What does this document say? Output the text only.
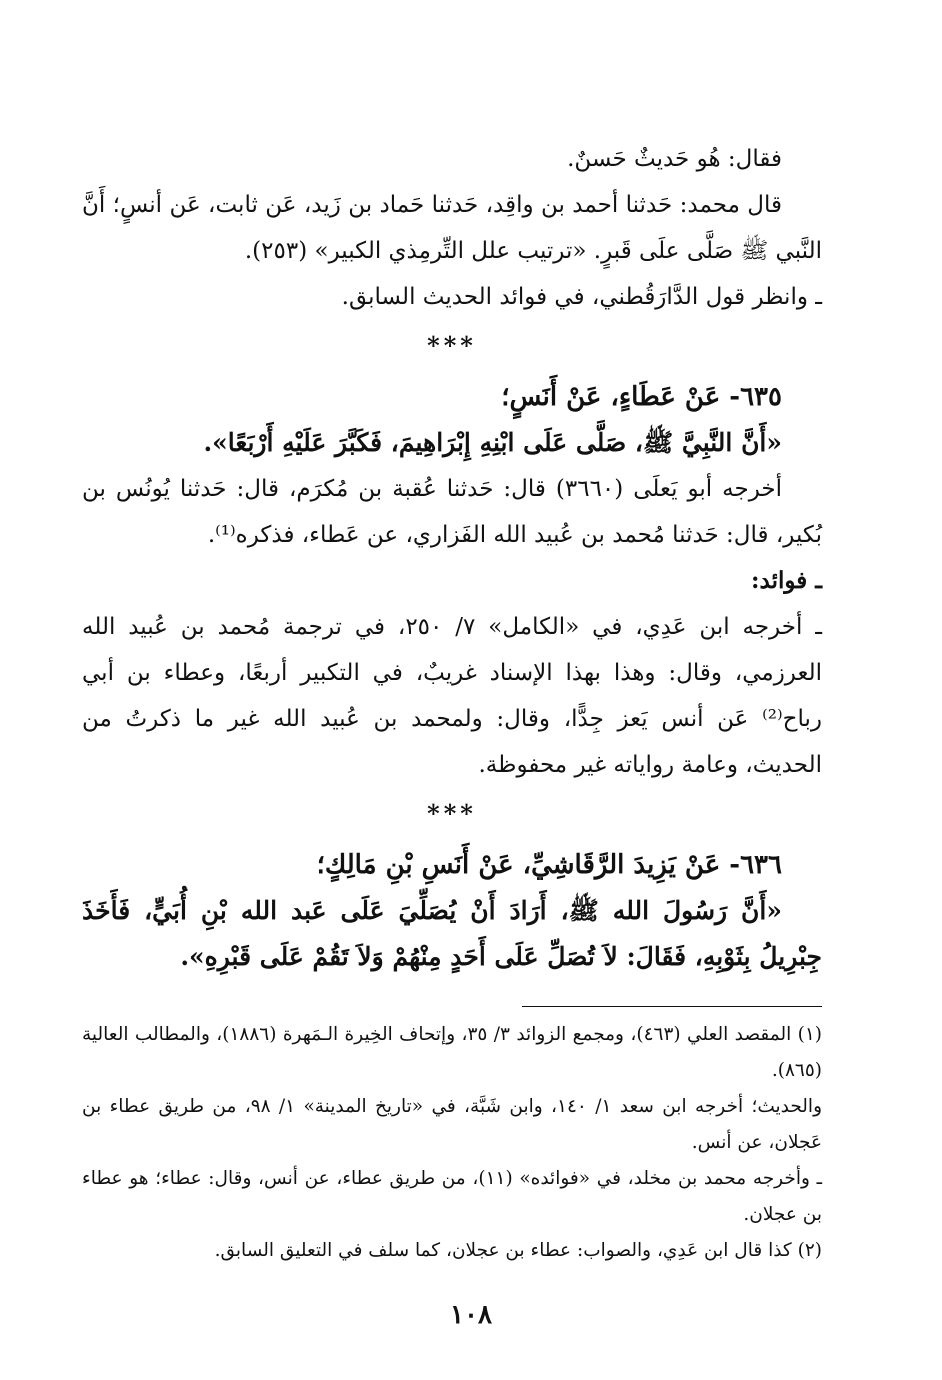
فقال: هُو حَديثٌ حَسنٌ.

قال محمد: حَدثنا أحمد بن واقِد، حَدثنا حَماد بن زَيد، عَن ثابت، عَن أنسٍ؛ أَنَّ النَّبي ﷺ صَلَّى علَى قَبرٍ. «ترتيب علل التِّرمِذي الكبير» (٢٥٣).

ـ وانظر قول الدَّارَقُطني، في فوائد الحديث السابق.

***

٦٣٥- عَنْ عَطَاءٍ، عَنْ أَنَسٍ؛

«أَنَّ النَّبِيَّ ﷺ، صَلَّى عَلَى ابْنِهِ إِبْرَاهِيمَ، فَكَبَّرَ عَلَيْهِ أَرْبَعًا».

أخرجه أبو يَعلَى (٣٦٦٠) قال: حَدثنا عُقبة بن مُكرَم، قال: حَدثنا يُونُس بن بُكير، قال: حَدثنا مُحمد بن عُبيد الله الفَزاري، عن عَطاء، فذكره⁽¹⁾.

ـ فوائد:

ـ أخرجه ابن عَدِي، في «الكامل» ٧/ ٢٥٠، في ترجمة مُحمد بن عُبيد الله العرزمي، وقال: وهذا بهذا الإسناد غريبٌ، في التكبير أربعًا، وعطاء بن أبي رباح⁽²⁾ عَن أنس يَعز جِدًّا، وقال: ولمحمد بن عُبيد الله غير ما ذكرتُ من الحديث، وعامة رواياته غير محفوظة.

***

٦٣٦- عَنْ يَزِيدَ الرَّقَاشِيِّ، عَنْ أَنَسِ بْنِ مَالِكٍ؛

«أَنَّ رَسُولَ الله ﷺ، أَرَادَ أَنْ يُصَلِّيَ عَلَى عَبد الله بْنِ أُبَيٍّ، فَأَخَذَ جِبْرِيلُ بِثَوْبِهِ، فَقَالَ: لاَ تُصَلِّ عَلَى أَحَدٍ مِنْهُمْ وَلاَ تَقُمْ عَلَى قَبْرِهِ».

(١) المقصد العلي (٤٦٣)، ومجمع الزوائد ٣/ ٣٥، وإتحاف الخِيرة الـمَهرة (١٨٨٦)، والمطالب العالية (٨٦٥).

والحديث؛ أخرجه ابن سعد ١/ ١٤٠، وابن شَبَّة، في «تاريخ المدينة» ١/ ٩٨، من طريق عطاء بن عَجلان، عن أنس.

ـ وأخرجه محمد بن مخلد، في «فوائده» (١١)، من طريق عطاء، عن أنس، وقال: عطاء؛ هو عطاء بن عجلان.

(٢) كذا قال ابن عَدِي، والصواب: عطاء بن عجلان، كما سلف في التعليق السابق.

١٠٨
